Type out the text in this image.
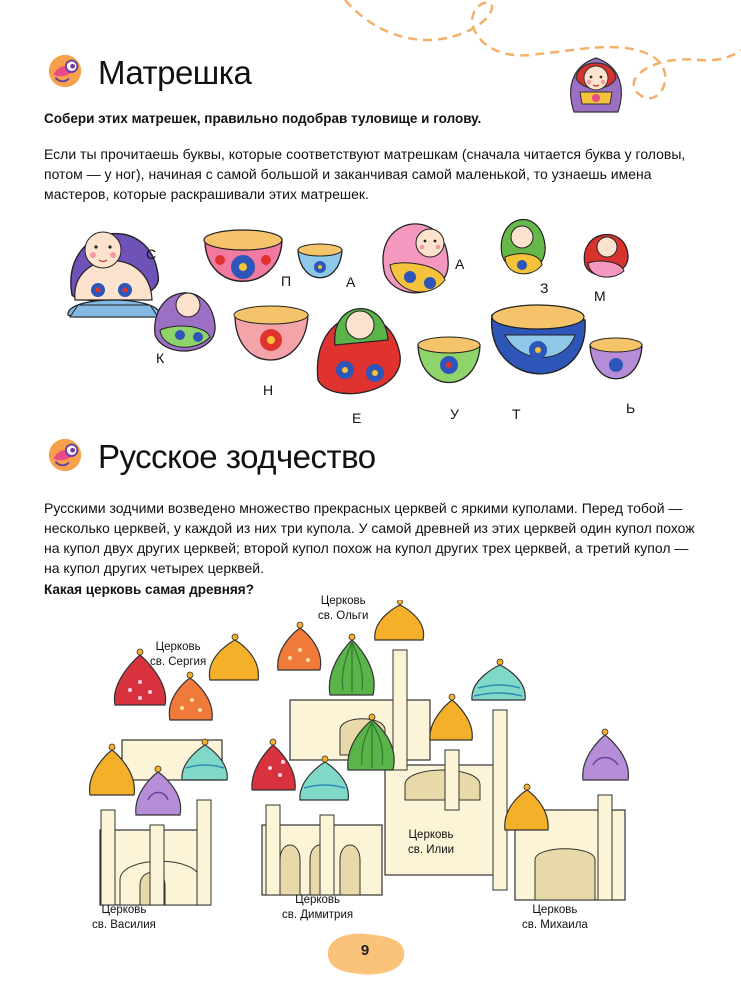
Матрешка
Собери этих матрешек, правильно подобрав туловище и голову.
Если ты прочитаешь буквы, которые соответствуют матрешкам (сначала читается буква у головы,
потом — у ног), начиная с самой большой и заканчивая самой маленькой, то узнаешь имена
мастеров, которые раскрашивали этих матрешек.
С
П	А
А
З	М
К
Н
Е	У	Т	Ь
Русское зодчество
Русскими зодчими возведено множество прекрасных церквей с яркими куполами. Перед тобой —
несколько церквей, у каждой из них три купола. У самой древней из этих церквей один купол похож
на купол двух других церквей; второй купол похож на купол других трех церквей, а третий купол —
на купол других четырех церквей.
Какая церковь самая древняя?
Церковь
св. Ольги
Церковь
св. Сергия
Церковь
св. Илии
Церковь
св. Василия
Церковь
св. Димитрия	Церковь
св. Михаила
9
